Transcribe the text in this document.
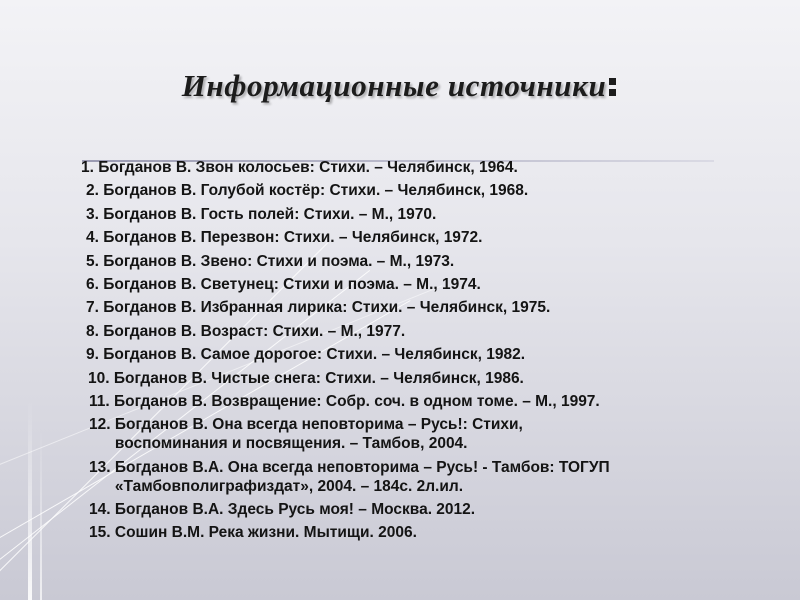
Информационные источники
1. Богданов В. Звон колосьев: Стихи. – Челябинск, 1964.
2. Богданов В. Голубой костёр: Стихи. – Челябинск, 1968.
3. Богданов В. Гость полей: Стихи. – М., 1970.
4. Богданов В. Перезвон: Стихи. – Челябинск, 1972.
5. Богданов В. Звено: Стихи и поэма. – М., 1973.
6. Богданов В. Светунец: Стихи и поэма. – М., 1974.
7. Богданов В. Избранная лирика: Стихи. – Челябинск, 1975.
8. Богданов В. Возраст: Стихи. – М., 1977.
9. Богданов В. Самое дорогое: Стихи. – Челябинск, 1982.
10. Богданов В. Чистые снега: Стихи. – Челябинск, 1986.
11. Богданов В. Возвращение: Собр. соч. в одном томе. – М., 1997.
12. Богданов В. Она всегда неповторима – Русь!: Стихи,
воспоминания и посвящения. – Тамбов, 2004.
13. Богданов В.А. Она всегда неповторима – Русь! - Тамбов: ТОГУП
«Тамбовполиграфиздат», 2004. – 184с. 2л.ил.
14. Богданов В.А. Здесь Русь моя! – Москва. 2012.
15. Сошин В.М. Река жизни. Мытищи. 2006.
